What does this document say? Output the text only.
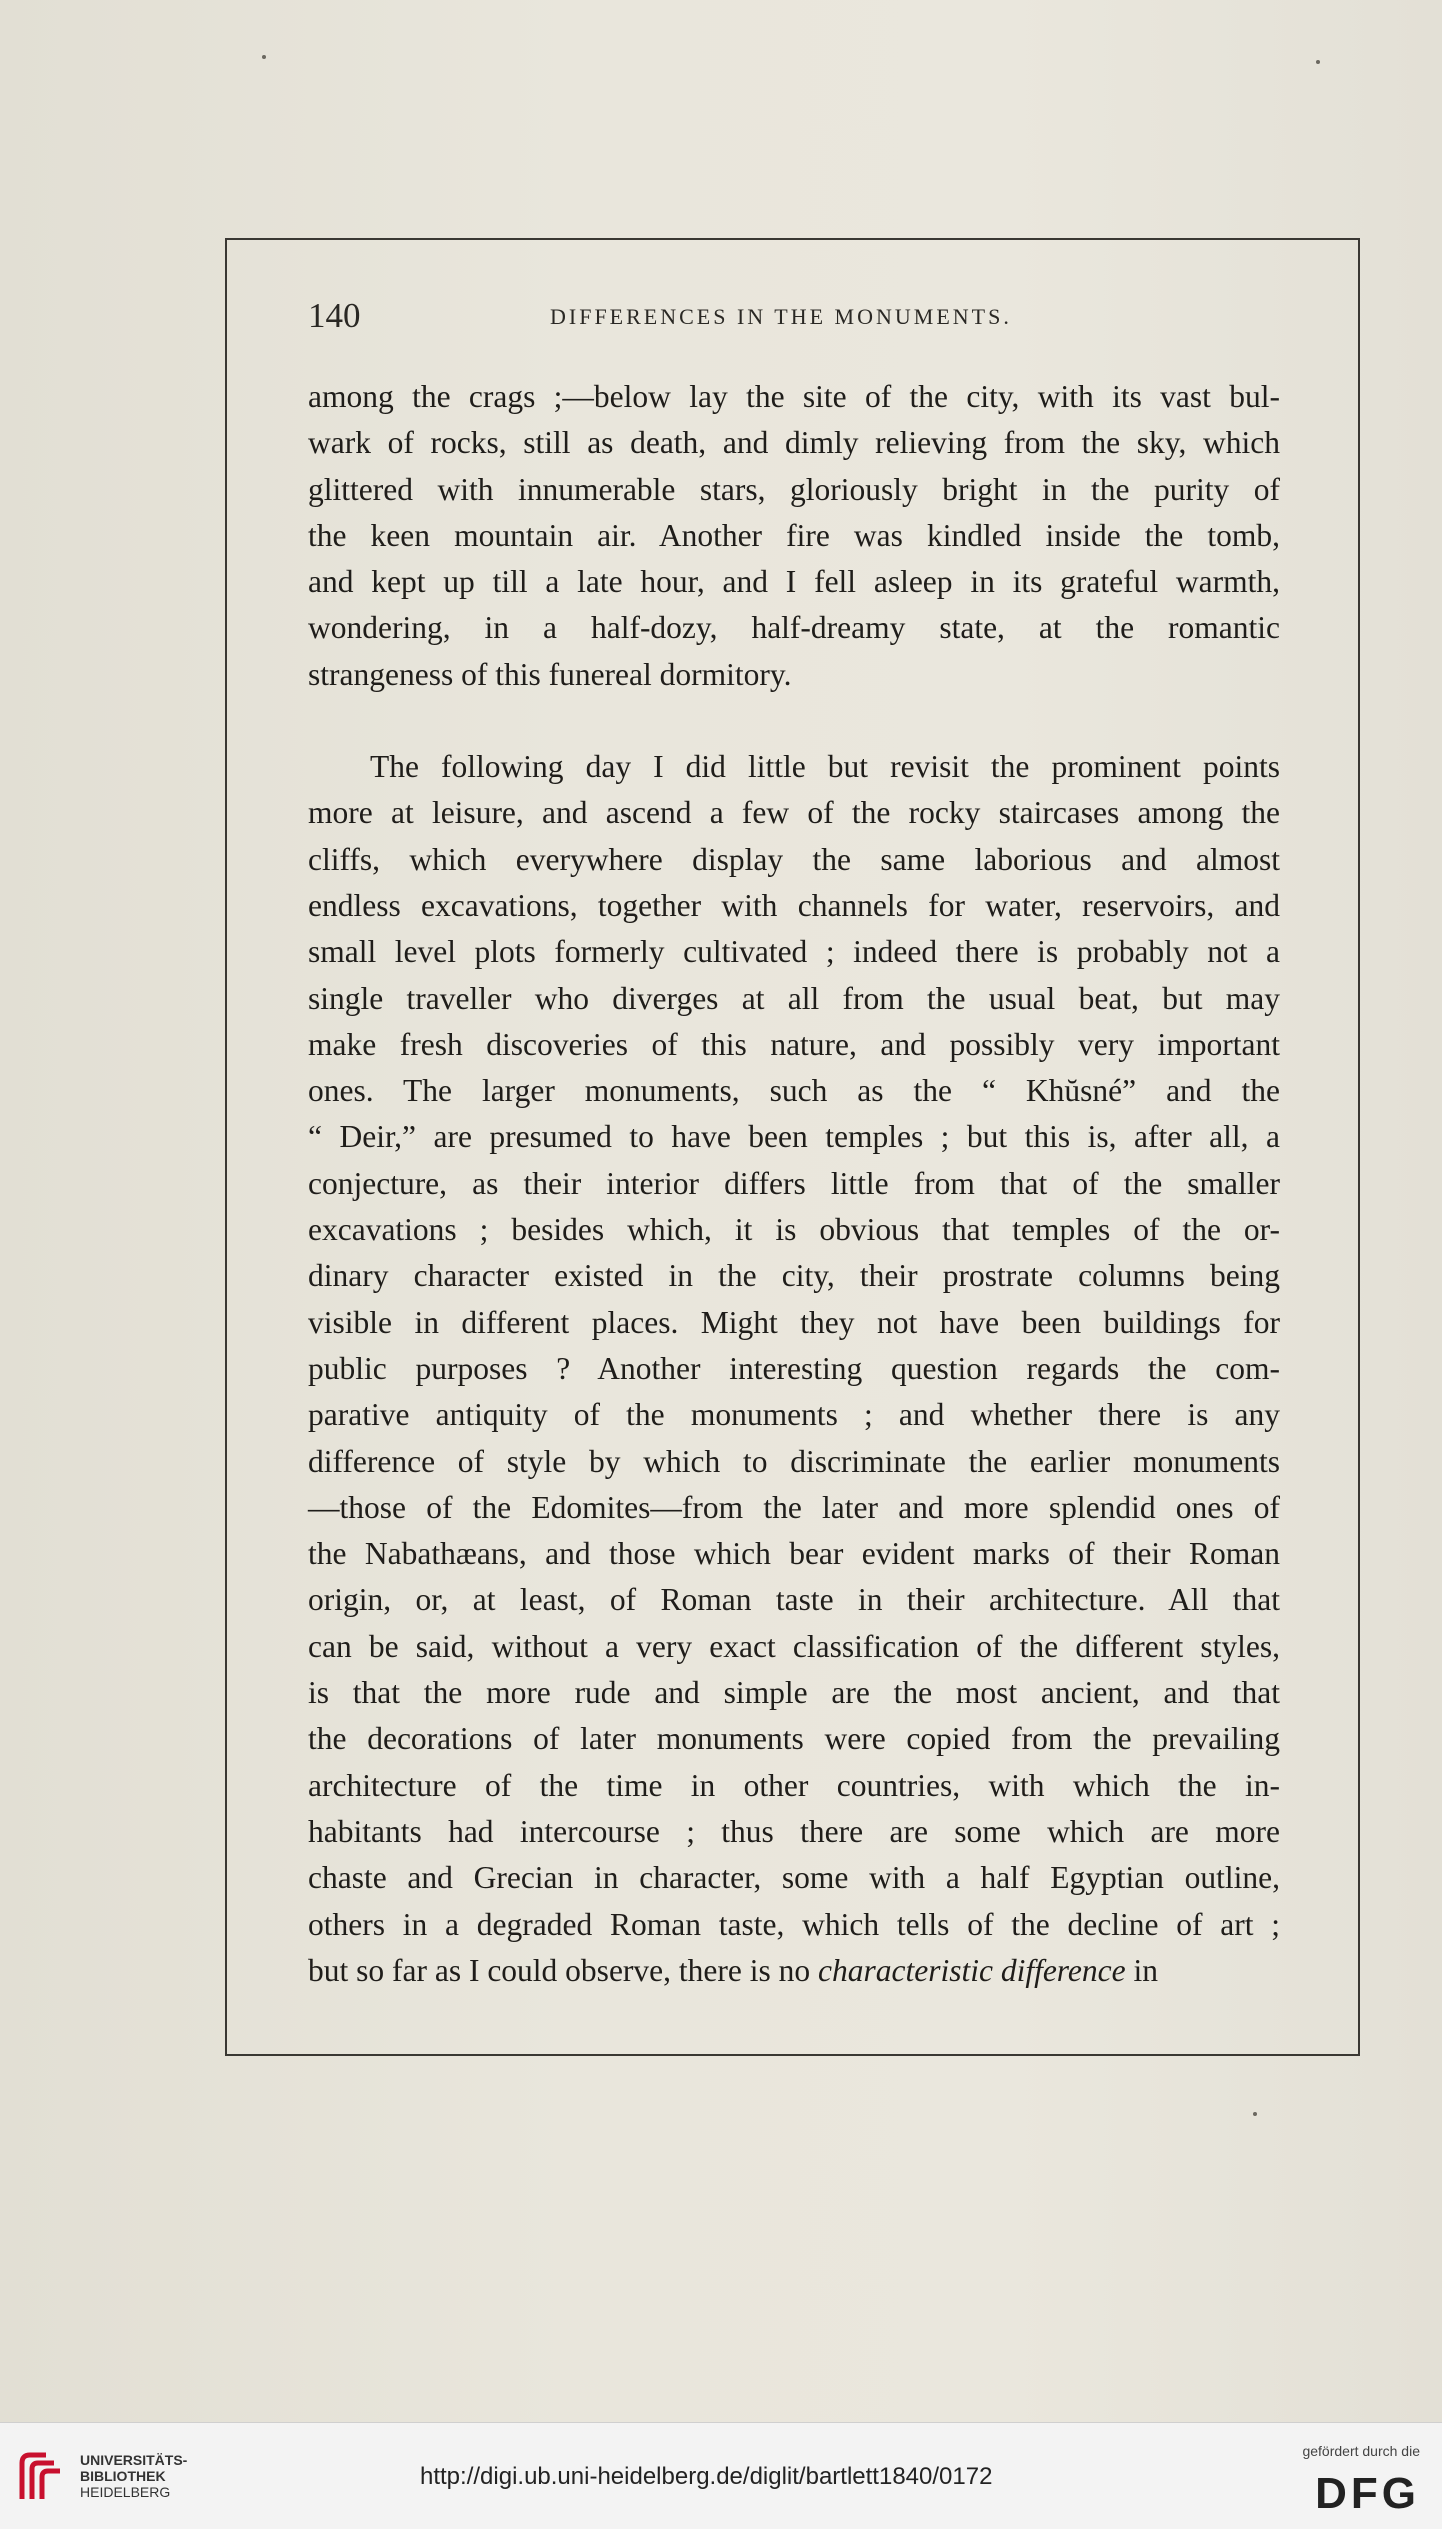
140	DIFFERENCES IN THE MONUMENTS.
among the crags ;—below lay the site of the city, with its vast bul-
wark of rocks, still as death, and dimly relieving from the sky, which
glittered with innumerable stars, gloriously bright in the purity of
the keen mountain air. Another fire was kindled inside the tomb,
and kept up till a late hour, and I fell asleep in its grateful warmth,
wondering, in a half-dozy, half-dreamy state, at the romantic
strangeness of this funereal dormitory.
The following day I did little but revisit the prominent points
more at leisure, and ascend a few of the rocky staircases among the
cliffs, which everywhere display the same laborious and almost
endless excavations, together with channels for water, reservoirs, and
small level plots formerly cultivated ; indeed there is probably not a
single traveller who diverges at all from the usual beat, but may
make fresh discoveries of this nature, and possibly very important
ones. The larger monuments, such as the “ Khŭsné” and the
“ Deir,” are presumed to have been temples ; but this is, after all, a
conjecture, as their interior differs little from that of the smaller
excavations ; besides which, it is obvious that temples of the or-
dinary character existed in the city, their prostrate columns being
visible in different places. Might they not have been buildings for
public purposes ? Another interesting question regards the com-
parative antiquity of the monuments ; and whether there is any
difference of style by which to discriminate the earlier monuments
—those of the Edomites—from the later and more splendid ones of
the Nabathæans, and those which bear evident marks of their Roman
origin, or, at least, of Roman taste in their architecture. All that
can be said, without a very exact classification of the different styles,
is that the more rude and simple are the most ancient, and that
the decorations of later monuments were copied from the prevailing
architecture of the time in other countries, with which the in-
habitants had intercourse ; thus there are some which are more
chaste and Grecian in character, some with a half Egyptian outline,
others in a degraded Roman taste, which tells of the decline of art ;
but so far as I could observe, there is no characteristic difference in
UNIVERSITÄTS-
BIBLIOTHEK
HEIDELBERG
http://digi.ub.uni-heidelberg.de/diglit/bartlett1840/0172
gefördert durch die
DFG
